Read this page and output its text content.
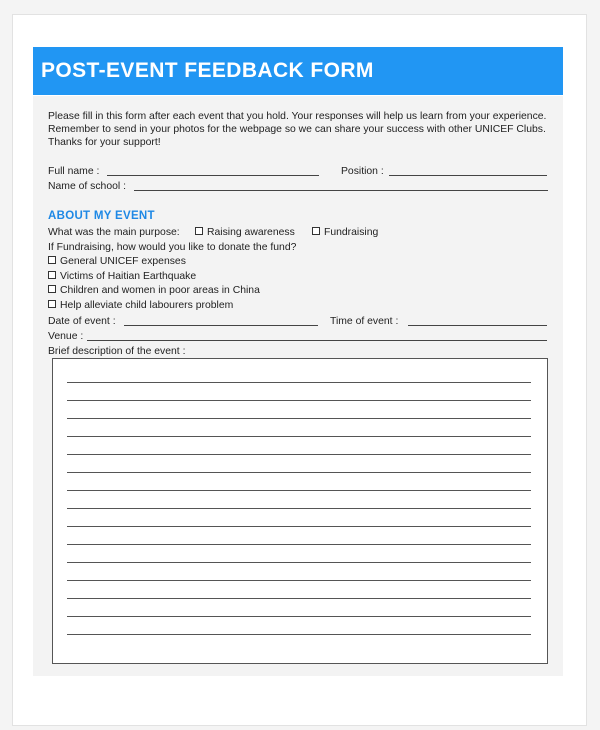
POST-EVENT FEEDBACK FORM
Please fill in this form after each event that you hold. Your responses will help us learn from your experience. Remember to send in your photos for the webpage so we can share your success with other UNICEF Clubs. Thanks for your support!
Full name :	Position :
Name of school :
ABOUT MY EVENT
What was the main purpose:	Raising awareness	Fundraising
If Fundraising, how would you like to donate the fund?
General UNICEF expenses
Victims of Haitian Earthquake
Children and women in poor areas in China
Help alleviate child labourers problem
Date of event :	Time of event :
Venue :
Brief description of the event :
